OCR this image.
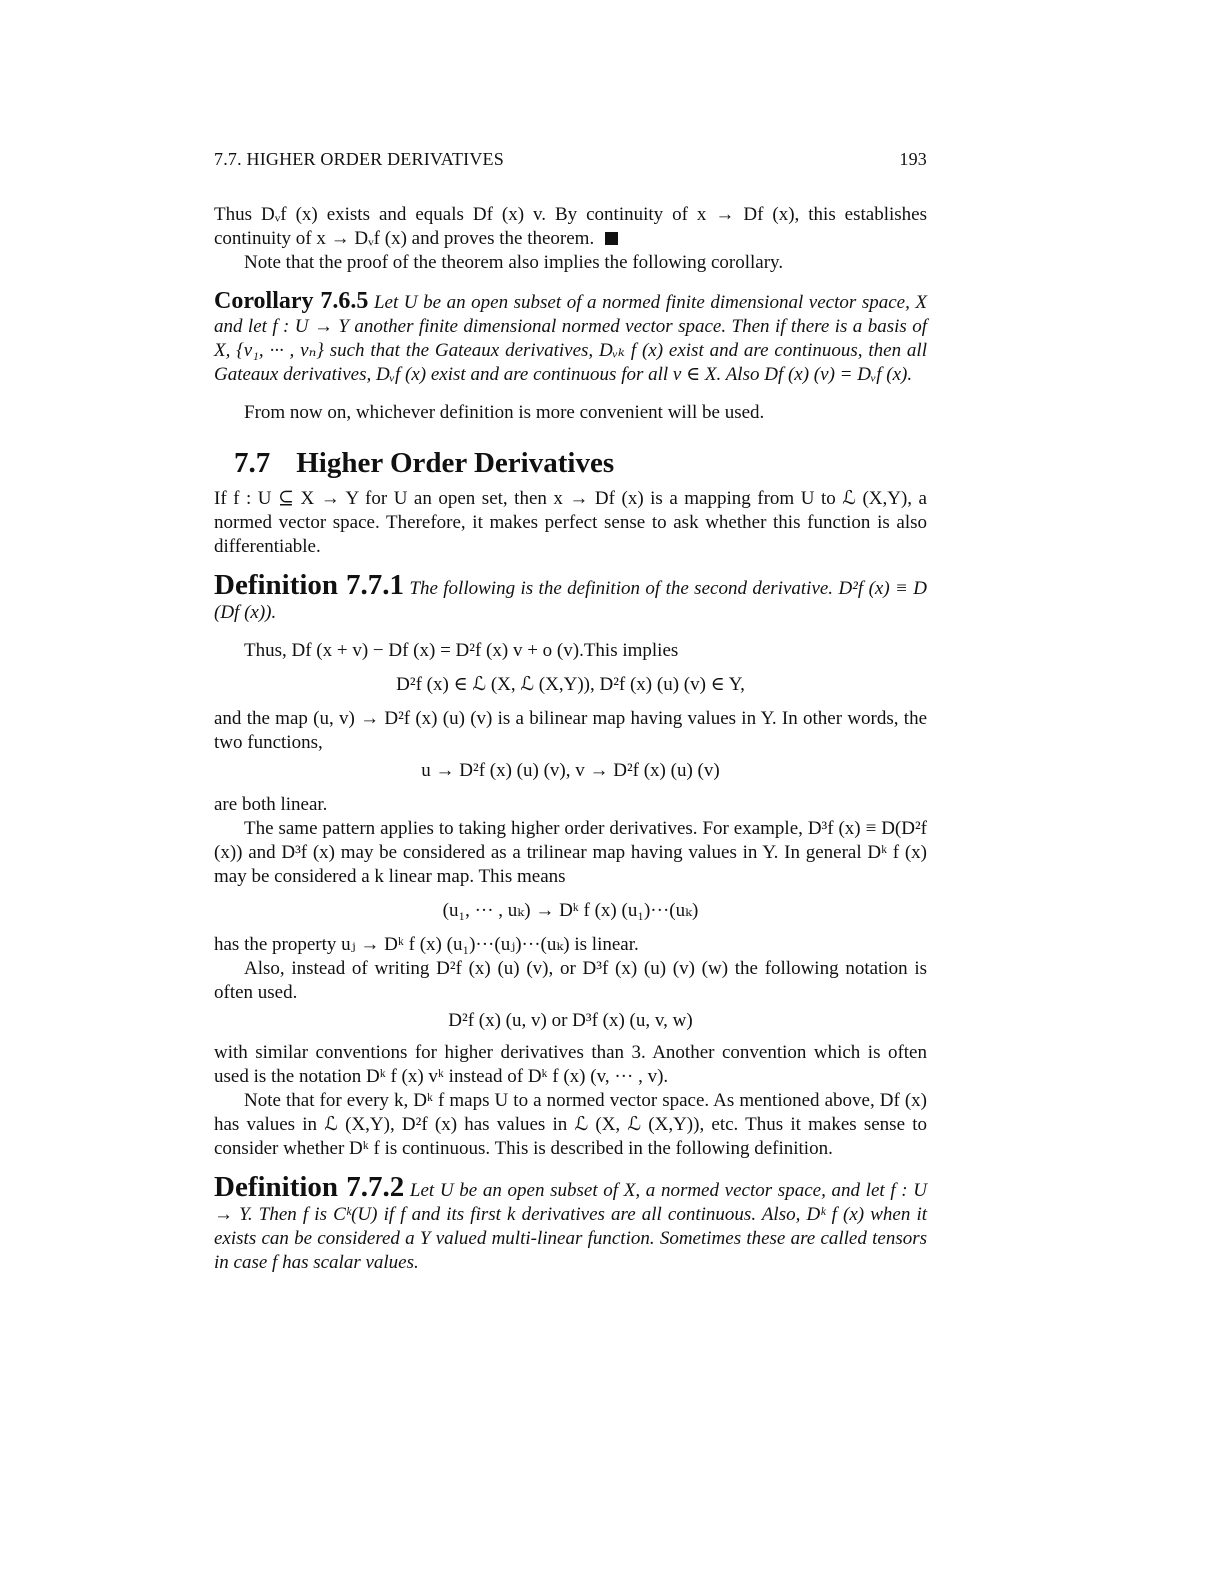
7.7. HIGHER ORDER DERIVATIVES	193

Thus Dᵥf (x) exists and equals Df (x) v. By continuity of x → Df (x), this establishes continuity of x → Dᵥf (x) and proves the theorem.

Note that the proof of the theorem also implies the following corollary.

Corollary 7.6.5 Let U be an open subset of a normed finite dimensional vector space, X and let f : U → Y another finite dimensional normed vector space. Then if there is a basis of X, {v₁, ··· , vₙ} such that the Gateaux derivatives, Dᵥₖ f (x) exist and are continuous, then all Gateaux derivatives, Dᵥf (x) exist and are continuous for all v ∈ X. Also Df (x) (v) = Dᵥf (x).

From now on, whichever definition is more convenient will be used.

7.7 Higher Order Derivatives

If f : U ⊆ X → Y for U an open set, then x → Df (x) is a mapping from U to ℒ (X,Y), a normed vector space. Therefore, it makes perfect sense to ask whether this function is also differentiable.

Definition 7.7.1 The following is the definition of the second derivative. D²f (x) ≡ D (Df (x)).

Thus, Df (x + v) − Df (x) = D²f (x) v + o (v).This implies

D²f (x) ∈ ℒ (X, ℒ (X,Y)), D²f (x) (u) (v) ∈ Y,

and the map (u, v) → D²f (x) (u) (v) is a bilinear map having values in Y. In other words, the two functions,

u → D²f (x) (u) (v), v → D²f (x) (u) (v)

are both linear.

The same pattern applies to taking higher order derivatives. For example, D³f (x) ≡ D(D²f (x)) and D³f (x) may be considered as a trilinear map having values in Y. In general Dᵏ f (x) may be considered a k linear map. This means

(u₁, ··· , uₖ) → Dᵏ f (x) (u₁)···(uₖ)

has the property uⱼ → Dᵏ f (x) (u₁)···(uⱼ)···(uₖ) is linear.

Also, instead of writing D²f (x) (u) (v), or D³f (x) (u) (v) (w) the following notation is often used.

D²f (x) (u, v) or D³f (x) (u, v, w)

with similar conventions for higher derivatives than 3. Another convention which is often used is the notation Dᵏ f (x) vᵏ instead of Dᵏ f (x) (v, ··· , v).

Note that for every k, Dᵏ f maps U to a normed vector space. As mentioned above, Df (x) has values in ℒ (X,Y), D²f (x) has values in ℒ (X, ℒ (X,Y)), etc. Thus it makes sense to consider whether Dᵏ f is continuous. This is described in the following definition.

Definition 7.7.2 Let U be an open subset of X, a normed vector space, and let f : U → Y. Then f is Cᵏ(U) if f and its first k derivatives are all continuous. Also, Dᵏ f (x) when it exists can be considered a Y valued multi-linear function. Sometimes these are called tensors in case f has scalar values.
